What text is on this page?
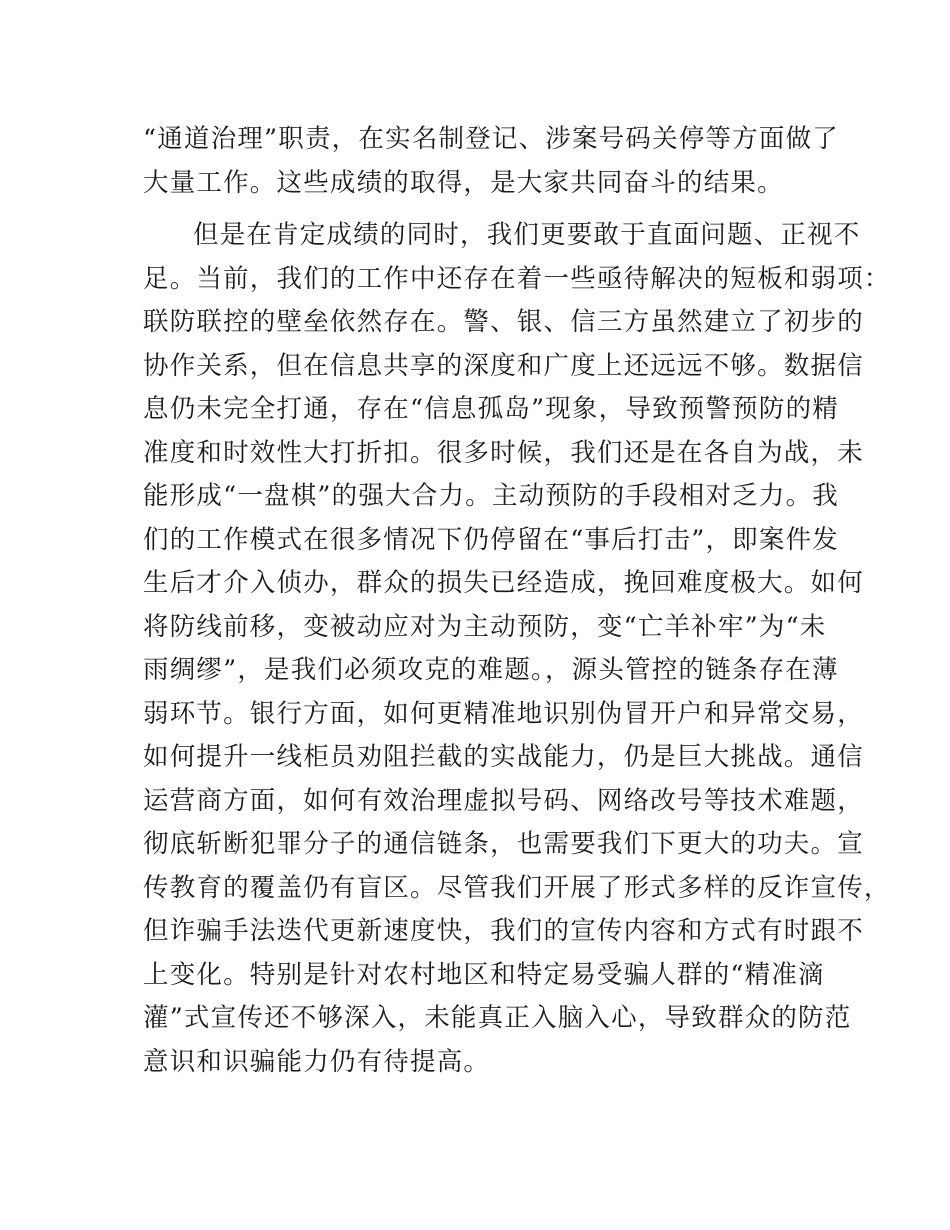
“通道治理”职责，在实名制登记、涉案号码关停等方面做了
大量工作。这些成绩的取得，是大家共同奋斗的结果。
但是在肯定成绩的同时，我们更要敢于直面问题、正视不
足。当前，我们的工作中还存在着一些亟待解决的短板和弱项：
联防联控的壁垒依然存在。警、银、信三方虽然建立了初步的
协作关系，但在信息共享的深度和广度上还远远不够。数据信
息仍未完全打通，存在“信息孤岛”现象，导致预警预防的精
准度和时效性大打折扣。很多时候，我们还是在各自为战，未
能形成“一盘棋”的强大合力。主动预防的手段相对乏力。我
们的工作模式在很多情况下仍停留在“事后打击”，即案件发
生后才介入侦办，群众的损失已经造成，挽回难度极大。如何
将防线前移，变被动应对为主动预防，变“亡羊补牢”为“未
雨绸缪”，是我们必须攻克的难题。，源头管控的链条存在薄
弱环节。银行方面，如何更精准地识别伪冒开户和异常交易，
如何提升一线柜员劝阻拦截的实战能力，仍是巨大挑战。通信
运营商方面，如何有效治理虚拟号码、网络改号等技术难题，
彻底斩断犯罪分子的通信链条，也需要我们下更大的功夫。宣
传教育的覆盖仍有盲区。尽管我们开展了形式多样的反诈宣传，
但诈骗手法迭代更新速度快，我们的宣传内容和方式有时跟不
上变化。特别是针对农村地区和特定易受骗人群的“精准滴
灌”式宣传还不够深入，未能真正入脑入心，导致群众的防范
意识和识骗能力仍有待提高。
